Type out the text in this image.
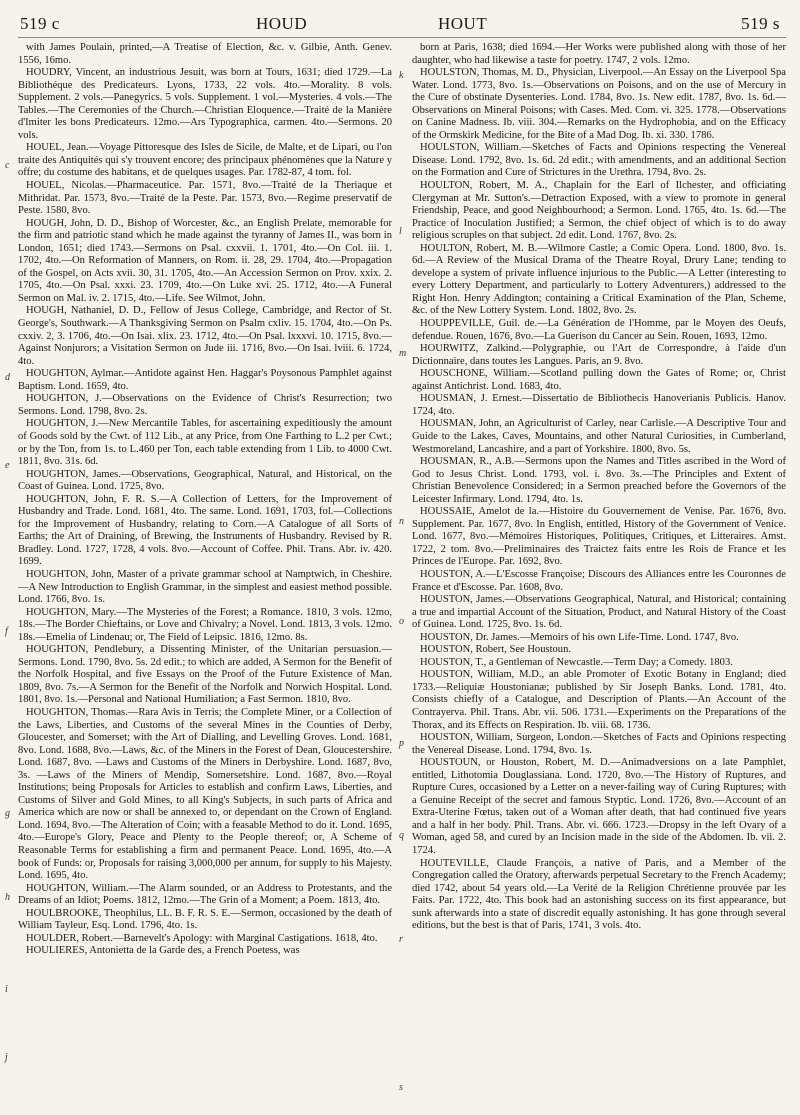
519 c	HOUD	HOUT	519 s
c
d
e
f
g
h
i
j

with James Poulain, printed,—A Treatise of Election, &c. v. Gilbie, Anth. Genev. 1556, 16mo.

HOUDRY, Vincent, an industrious Jesuit, was born at Tours, 1631; died 1729.—La Bibliothéque des Predicateurs. Lyons, 1733, 22 vols. 4to.—Morality. 8 vols. Supplement. 2 vols.—Panegyrics. 5 vols. Supplement. 1 vol.—Mysteries. 4 vols.—The Tables.—The Ceremonies of the Church.—Christian Eloquence.—Traité de la Manière d'Imiter les bons Predicateurs. 12mo.—Ars Typographica, carmen. 4to.—Sermons. 20 vols.

HOUEL, Jean.—Voyage Pittoresque des Isles de Sicile, de Malte, et de Lipari, ou l'on traite des Antiquités qui s'y trouvent encore; des principaux phénomènes que la Nature y offre; du costume des habitans, et de quelques usages. Par. 1782-87, 4 tom. fol.

HOUEL, Nicolas.—Pharmaceutice. Par. 1571, 8vo.—Traité de la Theriaque et Mithridat. Par. 1573, 8vo.—Traité de la Peste. Par. 1573, 8vo.—Regime preservatif de Peste. 1580, 8vo.

HOUGH, John, D. D., Bishop of Worcester, &c., an English Prelate, memorable for the firm and patriotic stand which he made against the tyranny of James II., was born in London, 1651; died 1743.—Sermons on Psal. cxxvii. 1. 1701, 4to.—On Col. iii. 1. 1702, 4to.—On Reformation of Manners, on Rom. ii. 28, 29. 1704, 4to.—Propagation of the Gospel, on Acts xvii. 30, 31. 1705, 4to.—An Accession Sermon on Prov. xxix. 2. 1705, 4to.—On Psal. xxxi. 23. 1709, 4to.—On Luke xvi. 25. 1712, 4to.—A Funeral Sermon on Mal. iv. 2. 1715, 4to.—Life. See Wilmot, John.

HOUGH, Nathaniel, D. D., Fellow of Jesus College, Cambridge, and Rector of St. George's, Southwark.—A Thanksgiving Sermon on Psalm cxliv. 15. 1704, 4to.—On Ps. cxxiv. 2, 3. 1706, 4to.—On Isai. xlix. 23. 1712, 4to.—On Psal. lxxxvi. 10. 1715, 8vo.—Against Nonjurors; a Visitation Sermon on Jude iii. 1716, 8vo.—On Isai. lviii. 6. 1724, 4to.

HOUGHTON, Aylmar.—Antidote against Hen. Haggar's Poysonous Pamphlet against Baptism. Lond. 1659, 4to.

HOUGHTON, J.—Observations on the Evidence of Christ's Resurrection; two Sermons. Lond. 1798, 8vo. 2s.

HOUGHTON, J.—New Mercantile Tables, for ascertaining expeditiously the amount of Goods sold by the Cwt. of 112 Lib., at any Price, from One Farthing to L.2 per Cwt.; or by the Ton, from 1s. to L.460 per Ton, each table extending from 1 Lib. to 4000 Cwt. 1811, 8vo. 31s. 6d.

HOUGHTON, James.—Observations, Geographical, Natural, and Historical, on the Coast of Guinea. Lond. 1725, 8vo.

HOUGHTON, John, F. R. S.—A Collection of Letters, for the Improvement of Husbandry and Trade. Lond. 1681, 4to. The same. Lond. 1691, 1703, fol.—Collections for the Improvement of Husbandry, relating to Corn.—A Catalogue of all Sorts of Earths; the Art of Draining, of Brewing, the Instruments of Husbandry. Revised by R. Bradley. Lond. 1727, 1728, 4 vols. 8vo.—Account of Coffee. Phil. Trans. Abr. iv. 420. 1699.

HOUGHTON, John, Master of a private grammar school at Namptwich, in Cheshire.—A New Introduction to English Grammar, in the simplest and easiest method possible. Lond. 1766, 8vo. 1s.

HOUGHTON, Mary.—The Mysteries of the Forest; a Romance. 1810, 3 vols. 12mo, 18s.—The Border Chieftains, or Love and Chivalry; a Novel. Lond. 1813, 3 vols. 12mo. 18s.—Emelia of Lindenau; or, The Field of Leipsic. 1816, 12mo. 8s.

HOUGHTON, Pendlebury, a Dissenting Minister, of the Unitarian persuasion.—Sermons. Lond. 1790, 8vo. 5s. 2d edit.; to which are added, A Sermon for the Benefit of the Norfolk Hospital, and five Essays on the Proof of the Future Existence of Man. 1809, 8vo. 7s.—A Sermon for the Benefit of the Norfolk and Norwich Hospital. Lond. 1801, 8vo. 1s.—Personal and National Humiliation; a Fast Sermon. 1810, 8vo.

HOUGHTON, Thomas.—Rara Avis in Terris; the Complete Miner, or a Collection of the Laws, Liberties, and Customs of the several Mines in the Counties of Derby, Gloucester, and Somerset; with the Art of Dialling, and Levelling Groves. Lond. 1681, 8vo. Lond. 1688, 8vo.—Laws, &c. of the Miners in the Forest of Dean, Gloucestershire. Lond. 1687, 8vo. —Laws and Customs of the Miners in Derbyshire. Lond. 1687, 8vo, 3s. —Laws of the Miners of Mendip, Somersetshire. Lond. 1687, 8vo.—Royal Institutions; being Proposals for Articles to establish and confirm Laws, Liberties, and Customs of Silver and Gold Mines, to all King's Subjects, in such parts of Africa and America which are now or shall be annexed to, or dependant on the Crown of England. Lond. 1694, 8vo.—The Alteration of Coin; with a feasable Method to do it. Lond. 1695, 4to.—Europe's Glory, Peace and Plenty to the People thereof; or, A Scheme of Reasonable Terms for establishing a firm and permanent Peace. Lond. 1695, 4to.—A book of Funds: or, Proposals for raising 3,000,000 per annum, for supply to his Majesty. Lond. 1695, 4to.

HOUGHTON, William.—The Alarm sounded, or an Address to Protestants, and the Dreams of an Idiot; Poems. 1812, 12mo.—The Grin of a Moment; a Poem. 1813, 4to.

HOULBROOKE, Theophilus, LL. B. F. R. S. E.—Sermon, occasioned by the death of William Tayleur, Esq. Lond. 1796, 4to. 1s.

HOULDER, Robert.—Barnevelt's Apology: with Marginal Castigations. 1618, 4to.

HOULIERES, Antonietta de la Garde des, a French Poetess, was

k
l
m
n
o
p
q
r
s

born at Paris, 1638; died 1694.—Her Works were published along with those of her daughter, who had likewise a taste for poetry. 1747, 2 vols. 12mo.

HOULSTON, Thomas, M. D., Physician, Liverpool.—An Essay on the Liverpool Spa Water. Lond. 1773, 8vo. 1s.—Observations on Poisons, and on the use of Mercury in the Cure of obstinate Dysenteries. Lond. 1784, 8vo. 1s. New edit. 1787, 8vo. 1s. 6d.—Observations on Mineral Poisons; with Cases. Med. Com. vi. 325. 1778.—Observations on Canine Madness. Ib. viii. 304.—Remarks on the Hydrophobia, and on the Efficacy of the Ormskirk Medicine, for the Bite of a Mad Dog. Ib. xi. 330. 1786.

HOULSTON, William.—Sketches of Facts and Opinions respecting the Venereal Disease. Lond. 1792, 8vo. 1s. 6d. 2d edit.; with amendments, and an additional Section on the Formation and Cure of Strictures in the Urethra. 1794, 8vo. 2s.

HOULTON, Robert, M. A., Chaplain for the Earl of Ilchester, and officiating Clergyman at Mr. Sutton's.—Detraction Exposed, with a view to promote in general Friendship, Peace, and good Neighbourhood; a Sermon. Lond. 1765, 4to. 1s. 6d.—The Practice of Inoculation Justified; a Sermon, the chief object of which is to do away religious scruples on that subject. 2d edit. Lond. 1767, 8vo. 2s.

HOULTON, Robert, M. B.—Wilmore Castle; a Comic Opera. Lond. 1800, 8vo. 1s. 6d.—A Review of the Musical Drama of the Theatre Royal, Drury Lane; tending to develope a system of private influence injurious to the Public.—A Letter (interesting to every Lottery Department, and particularly to Lottery Adventurers,) addressed to the Right Hon. Henry Addington; containing a Critical Examination of the Plan, Scheme, &c. of the New Lottery System. Lond. 1802, 8vo. 2s.

HOUPPEVILLE, Guil. de.—La Génération de l'Homme, par le Moyen des Oeufs, defendue. Rouen, 1676, 8vo.—La Guerison du Cancer au Sein. Rouen, 1693, 12mo.

HOURWITZ, Zalkind.—Polygraphie, ou l'Art de Correspondre, à l'aide d'un Dictionnaire, dans toutes les Langues. Paris, an 9. 8vo.

HOUSCHONE, William.—Scotland pulling down the Gates of Rome; or, Christ against Antichrist. Lond. 1683, 4to.

HOUSMAN, J. Ernest.—Dissertatio de Bibliothecis Hanoverianis Publicis. Hanov. 1724, 4to.

HOUSMAN, John, an Agriculturist of Carley, near Carlisle.—A Descriptive Tour and Guide to the Lakes, Caves, Mountains, and other Natural Curiosities, in Cumberland, Westmoreland, Lancashire, and a part of Yorkshire. 1800, 8vo. 5s.

HOUSMAN, R., A.B.—Sermons upon the Names and Titles ascribed in the Word of God to Jesus Christ. Lond. 1793, vol. i. 8vo. 3s.—The Principles and Extent of Christian Benevolence Considered; in a Sermon preached before the Governors of the Leicester Infirmary. Lond. 1794, 4to. 1s.

HOUSSAIE, Amelot de la.—Histoire du Gouvernement de Venise. Par. 1676, 8vo. Supplement. Par. 1677, 8vo. In English, entitled, History of the Government of Venice. Lond. 1677, 8vo.—Mémoires Historiques, Politiques, Critiques, et Litteraires. Amst. 1722, 2 tom. 8vo.—Preliminaires des Traictez faits entre les Rois de France et les Princes de l'Europe. Par. 1692, 8vo.

HOUSTON, A.—L'Escosse Françoise; Discours des Alliances entre les Couronnes de France et d'Escosse. Par. 1608, 8vo.

HOUSTON, James.—Observations Geographical, Natural, and Historical; containing a true and impartial Account of the Situation, Product, and Natural History of the Coast of Guinea. Lond. 1725, 8vo. 1s. 6d.

HOUSTON, Dr. James.—Memoirs of his own Life-Time. Lond. 1747, 8vo.

HOUSTON, Robert, See Houstoun.

HOUSTON, T., a Gentleman of Newcastle.—Term Day; a Comedy. 1803.

HOUSTON, William, M.D., an able Promoter of Exotic Botany in England; died 1733.—Reliquiæ Houstonianæ; published by Sir Joseph Banks. Lond. 1781, 4to. Consists chiefly of a Catalogue, and Description of Plants.—An Account of the Contrayerva. Phil. Trans. Abr. vii. 506. 1731.—Experiments on the Preparations of the Thorax, and its Effects on Respiration. Ib. viii. 68. 1736.

HOUSTON, William, Surgeon, London.—Sketches of Facts and Opinions respecting the Venereal Disease. Lond. 1794, 8vo. 1s.

HOUSTOUN, or Houston, Robert, M. D.—Animadversions on a late Pamphlet, entitled, Lithotomia Douglassiana. Lond. 1720, 8vo.—The History of Ruptures, and Rupture Cures, occasioned by a Letter on a never-failing way of Curing Ruptures; with a Genuine Receipt of the secret and famous Styptic. Lond. 1726, 8vo.—Account of an Extra-Uterine Fœtus, taken out of a Woman after death, that had continued five years and a half in her body. Phil. Trans. Abr. vi. 666. 1723.—Dropsy in the left Ovary of a Woman, aged 58, and cured by an Incision made in the side of the Abdomen. Ib. vii. 2. 1724.

HOUTEVILLE, Claude François, a native of Paris, and a Member of the Congregation called the Oratory, afterwards perpetual Secretary to the French Academy; died 1742, about 54 years old.—La Verité de la Religion Chrétienne prouvée par les Faits. Par. 1722, 4to. This book had an astonishing success on its first appearance, but sunk afterwards into a state of discredit equally astonishing. It has gone through several editions, but the best is that of Paris, 1741, 3 vols. 4to.
